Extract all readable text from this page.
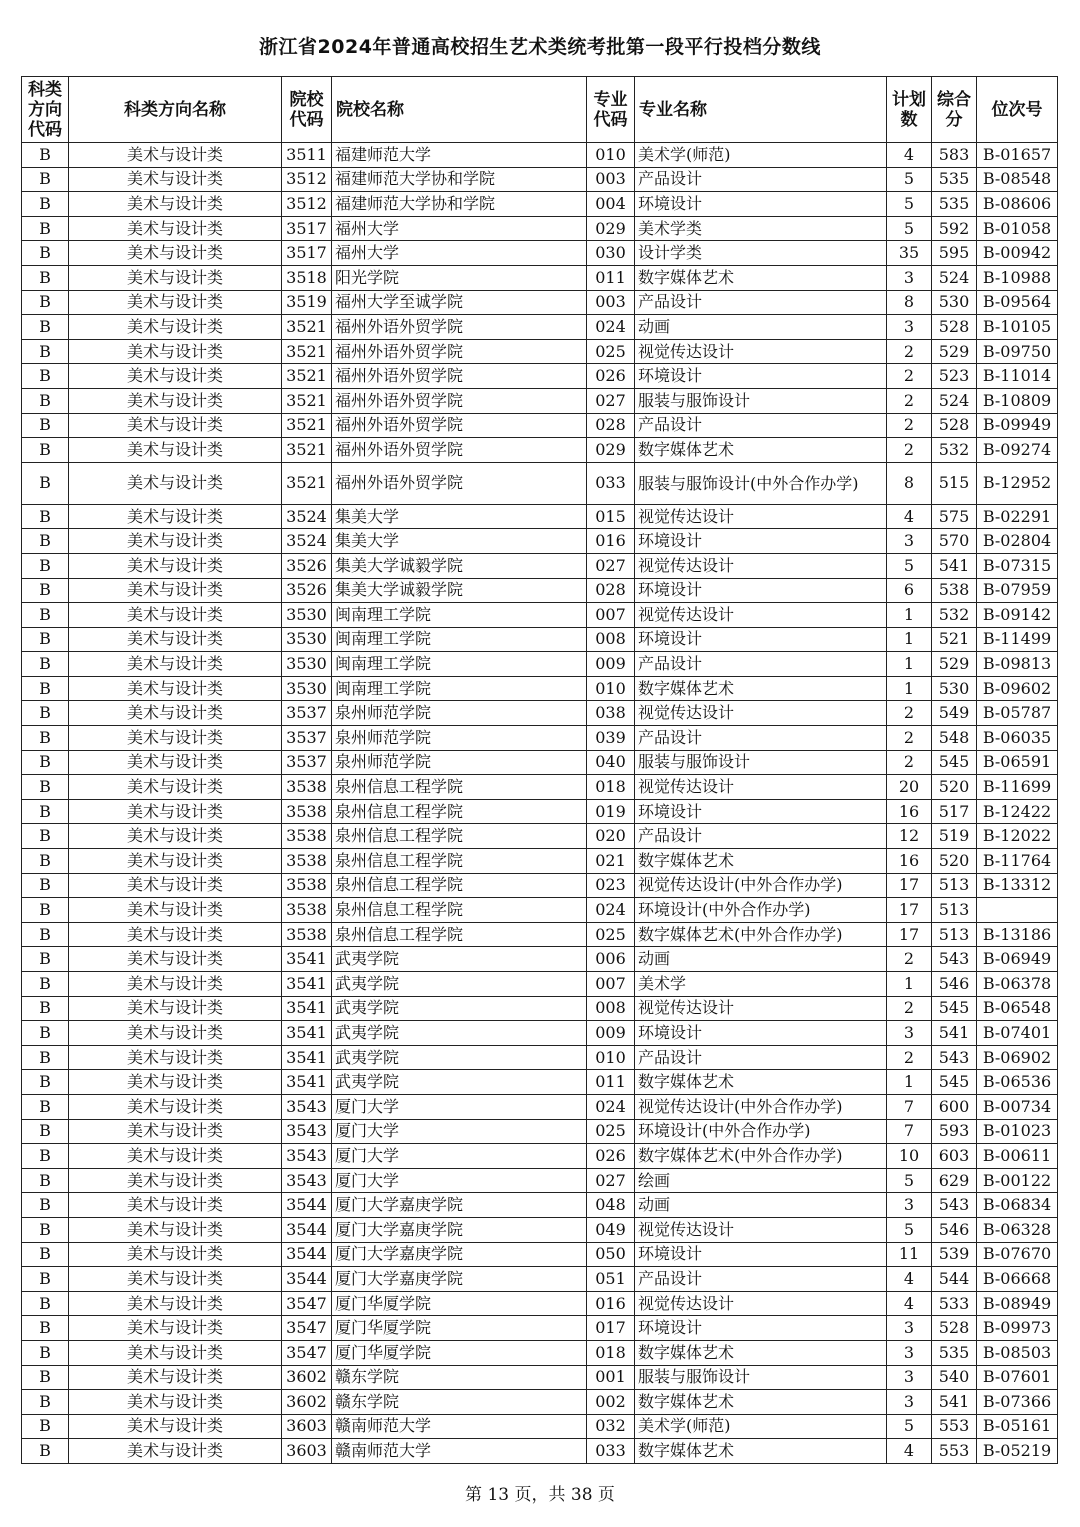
浙江省2024年普通高校招生艺术类统考批第一段平行投档分数线
科类方向代码	科类方向名称	院校代码	院校名称	专业代码	专业名称	计划数	综合分	位次号
B	美术与设计类	3511	福建师范大学	010	美术学(师范)	4	583	B-01657
B	美术与设计类	3512	福建师范大学协和学院	003	产品设计	5	535	B-08548
B	美术与设计类	3512	福建师范大学协和学院	004	环境设计	5	535	B-08606
B	美术与设计类	3517	福州大学	029	美术学类	5	592	B-01058
B	美术与设计类	3517	福州大学	030	设计学类	35	595	B-00942
B	美术与设计类	3518	阳光学院	011	数字媒体艺术	3	524	B-10988
B	美术与设计类	3519	福州大学至诚学院	003	产品设计	8	530	B-09564
B	美术与设计类	3521	福州外语外贸学院	024	动画	3	528	B-10105
B	美术与设计类	3521	福州外语外贸学院	025	视觉传达设计	2	529	B-09750
B	美术与设计类	3521	福州外语外贸学院	026	环境设计	2	523	B-11014
B	美术与设计类	3521	福州外语外贸学院	027	服装与服饰设计	2	524	B-10809
B	美术与设计类	3521	福州外语外贸学院	028	产品设计	2	528	B-09949
B	美术与设计类	3521	福州外语外贸学院	029	数字媒体艺术	2	532	B-09274
B	美术与设计类	3521	福州外语外贸学院	033	服装与服饰设计(中外合作办学)	8	515	B-12952
B	美术与设计类	3524	集美大学	015	视觉传达设计	4	575	B-02291
B	美术与设计类	3524	集美大学	016	环境设计	3	570	B-02804
B	美术与设计类	3526	集美大学诚毅学院	027	视觉传达设计	5	541	B-07315
B	美术与设计类	3526	集美大学诚毅学院	028	环境设计	6	538	B-07959
B	美术与设计类	3530	闽南理工学院	007	视觉传达设计	1	532	B-09142
B	美术与设计类	3530	闽南理工学院	008	环境设计	1	521	B-11499
B	美术与设计类	3530	闽南理工学院	009	产品设计	1	529	B-09813
B	美术与设计类	3530	闽南理工学院	010	数字媒体艺术	1	530	B-09602
B	美术与设计类	3537	泉州师范学院	038	视觉传达设计	2	549	B-05787
B	美术与设计类	3537	泉州师范学院	039	产品设计	2	548	B-06035
B	美术与设计类	3537	泉州师范学院	040	服装与服饰设计	2	545	B-06591
B	美术与设计类	3538	泉州信息工程学院	018	视觉传达设计	20	520	B-11699
B	美术与设计类	3538	泉州信息工程学院	019	环境设计	16	517	B-12422
B	美术与设计类	3538	泉州信息工程学院	020	产品设计	12	519	B-12022
B	美术与设计类	3538	泉州信息工程学院	021	数字媒体艺术	16	520	B-11764
B	美术与设计类	3538	泉州信息工程学院	023	视觉传达设计(中外合作办学)	17	513	B-13312
B	美术与设计类	3538	泉州信息工程学院	024	环境设计(中外合作办学)	17	513	
B	美术与设计类	3538	泉州信息工程学院	025	数字媒体艺术(中外合作办学)	17	513	B-13186
B	美术与设计类	3541	武夷学院	006	动画	2	543	B-06949
B	美术与设计类	3541	武夷学院	007	美术学	1	546	B-06378
B	美术与设计类	3541	武夷学院	008	视觉传达设计	2	545	B-06548
B	美术与设计类	3541	武夷学院	009	环境设计	3	541	B-07401
B	美术与设计类	3541	武夷学院	010	产品设计	2	543	B-06902
B	美术与设计类	3541	武夷学院	011	数字媒体艺术	1	545	B-06536
B	美术与设计类	3543	厦门大学	024	视觉传达设计(中外合作办学)	7	600	B-00734
B	美术与设计类	3543	厦门大学	025	环境设计(中外合作办学)	7	593	B-01023
B	美术与设计类	3543	厦门大学	026	数字媒体艺术(中外合作办学)	10	603	B-00611
B	美术与设计类	3543	厦门大学	027	绘画	5	629	B-00122
B	美术与设计类	3544	厦门大学嘉庚学院	048	动画	3	543	B-06834
B	美术与设计类	3544	厦门大学嘉庚学院	049	视觉传达设计	5	546	B-06328
B	美术与设计类	3544	厦门大学嘉庚学院	050	环境设计	11	539	B-07670
B	美术与设计类	3544	厦门大学嘉庚学院	051	产品设计	4	544	B-06668
B	美术与设计类	3547	厦门华厦学院	016	视觉传达设计	4	533	B-08949
B	美术与设计类	3547	厦门华厦学院	017	环境设计	3	528	B-09973
B	美术与设计类	3547	厦门华厦学院	018	数字媒体艺术	3	535	B-08503
B	美术与设计类	3602	赣东学院	001	服装与服饰设计	3	540	B-07601
B	美术与设计类	3602	赣东学院	002	数字媒体艺术	3	541	B-07366
B	美术与设计类	3603	赣南师范大学	032	美术学(师范)	5	553	B-05161
B	美术与设计类	3603	赣南师范大学	033	数字媒体艺术	4	553	B-05219
第 13 页，共 38 页
